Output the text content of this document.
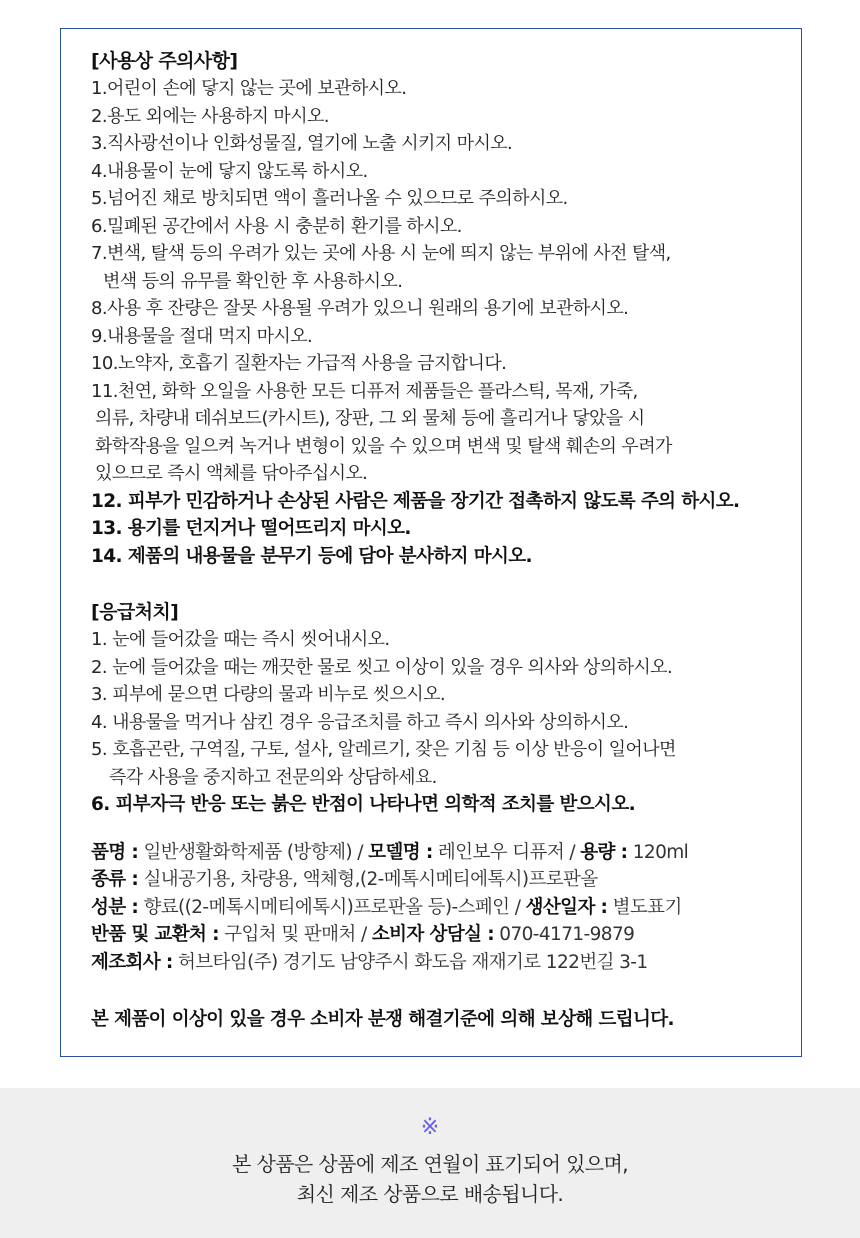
[사용상 주의사항]
1.어린이 손에 닿지 않는 곳에 보관하시오.
2.용도 외에는 사용하지 마시오.
3.직사광선이나 인화성물질, 열기에 노출 시키지 마시오.
4.내용물이 눈에 닿지 않도록 하시오.
5.넘어진 채로 방치되면 액이 흘러나올 수 있으므로 주의하시오.
6.밀폐된 공간에서 사용 시 충분히 환기를 하시오.
7.변색, 탈색 등의 우려가 있는 곳에 사용 시 눈에 띄지 않는 부위에 사전 탈색,
변색 등의 유무를 확인한 후 사용하시오.
8.사용 후 잔량은 잘못 사용될 우려가 있으니 원래의 용기에 보관하시오.
9.내용물을 절대 먹지 마시오.
10.노약자, 호흡기 질환자는 가급적 사용을 금지합니다.
11.천연, 화학 오일을 사용한 모든 디퓨저 제품들은 플라스틱, 목재, 가죽,
의류, 차량내 데쉬보드(카시트), 장판, 그 외 물체 등에 흘리거나 닿았을 시
화학작용을 일으켜 녹거나 변형이 있을 수 있으며 변색 및 탈색 훼손의 우려가
있으므로 즉시 액체를 닦아주십시오.
12. 피부가 민감하거나 손상된 사람은 제품을 장기간 접촉하지 않도록 주의 하시오.
13. 용기를 던지거나 떨어뜨리지 마시오.
14. 제품의 내용물을 분무기 등에 담아 분사하지 마시오.
[응급처치]
1. 눈에 들어갔을 때는 즉시 씻어내시오.
2. 눈에 들어갔을 때는 깨끗한 물로 씻고 이상이 있을 경우 의사와 상의하시오.
3. 피부에 묻으면 다량의 물과 비누로 씻으시오.
4. 내용물을 먹거나 삼킨 경우 응급조치를 하고 즉시 의사와 상의하시오.
5. 호흡곤란, 구역질, 구토, 설사, 알레르기, 잦은 기침 등 이상 반응이 일어나면
즉각 사용을 중지하고 전문의와 상담하세요.
6. 피부자극 반응 또는 붉은 반점이 나타나면 의학적 조치를 받으시오.
품명 : 일반생활화학제품 (방향제) / 모델명 : 레인보우 디퓨저 / 용량 : 120ml
종류 : 실내공기용, 차량용, 액체형,(2-메톡시메티에톡시)프로판올
성분 : 향료((2-메톡시메티에톡시)프로판올 등)-스페인 / 생산일자 : 별도표기
반품 및 교환처 : 구입처 및 판매처 / 소비자 상담실 : 070-4171-9879
제조회사 : 허브타임(주) 경기도 남양주시 화도읍 재재기로 122번길 3-1
본 제품이 이상이 있을 경우 소비자 분쟁 해결기준에 의해 보상해 드립니다.
※
본 상품은 상품에 제조 연월이 표기되어 있으며,
최신 제조 상품으로 배송됩니다.
